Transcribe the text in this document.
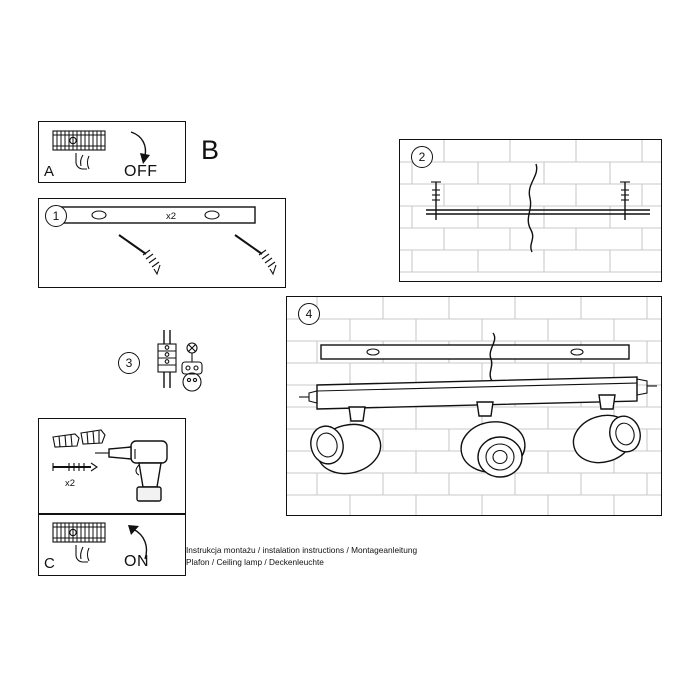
A	OFF
B
1	x2
2
3
4
x2
C	ON
Instrukcja montażu / instalation instructions / Montageanleitung
Plafon / Ceiling lamp / Deckenleuchte
